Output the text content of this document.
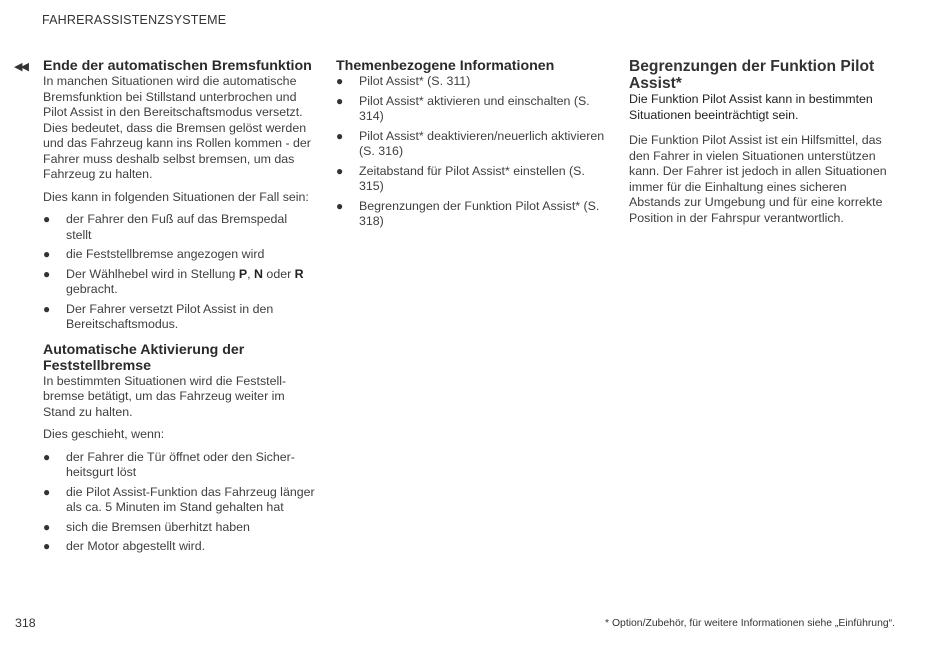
FAHRERASSISTENZSYSTEME
◀◀ Ende der automatischen Bremsfunktion

In manchen Situationen wird die automatische Bremsfunktion bei Stillstand unterbrochen und Pilot Assist in den Bereitschaftsmodus versetzt. Dies bedeutet, dass die Bremsen gelöst werden und das Fahrzeug kann ins Rollen kommen - der Fahrer muss deshalb selbst bremsen, um das Fahrzeug zu halten.

Dies kann in folgenden Situationen der Fall sein:

● der Fahrer den Fuß auf das Bremspedal stellt
● die Feststellbremse angezogen wird
● Der Wählhebel wird in Stellung P, N oder R gebracht.
● Der Fahrer versetzt Pilot Assist in den Bereitschaftsmodus.
Automatische Aktivierung der Feststellbremse

In bestimmten Situationen wird die Feststellbremse betätigt, um das Fahrzeug weiter im Stand zu halten.

Dies geschieht, wenn:

● der Fahrer die Tür öffnet oder den Sicherheitsgurt löst
● die Pilot Assist-Funktion das Fahrzeug länger als ca. 5 Minuten im Stand gehalten hat
● sich die Bremsen überhitzt haben
● der Motor abgestellt wird.
Themenbezogene Informationen
● Pilot Assist* (S. 311)
● Pilot Assist* aktivieren und einschalten (S. 314)
● Pilot Assist* deaktivieren/neuerlich aktivieren (S. 316)
● Zeitabstand für Pilot Assist* einstellen (S. 315)
● Begrenzungen der Funktion Pilot Assist* (S. 318)
Begrenzungen der Funktion Pilot Assist*

Die Funktion Pilot Assist kann in bestimmten Situationen beeinträchtigt sein.

Die Funktion Pilot Assist ist ein Hilfsmittel, das den Fahrer in vielen Situationen unterstützen kann. Der Fahrer ist jedoch in allen Situationen immer für die Einhaltung eines sicheren Abstands zur Umgebung und für eine korrekte Position in der Fahrspur verantwortlich.

318	* Option/Zubehör, für weitere Informationen siehe „Einführung“.
